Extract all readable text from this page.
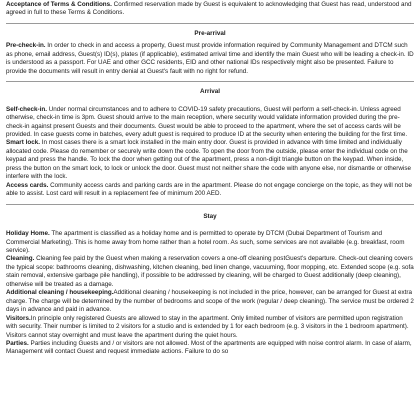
Acceptance of Terms & Conditions. Confirmed reservation made by Guest is equivalent to acknowledging that Guest has read, understood and agreed in full to these Terms & Conditions.

Pre-arrival

Pre-check-in. In order to check in and access a property, Guest must provide information required by Community Management and DTCM such as phone, email address, Guest(s) ID(s), plates (if applicable), estimated arrival time and identify the main Guest who will be leading a check-in. ID is understood as a passport. For UAE and other GCC residents, EID and other national IDs respectively might also be presented. Failure to provide the documents will result in entry denial at Guest's fault with no right for refund.

Arrival

Self-check-in. Under normal circumstances and to adhere to COVID-19 safety precautions, Guest will perform a self-check-in. Unless agreed otherwise, check-in time is 3pm. Guest should arrive to the main reception, where security would validate information provided during the pre-check-in against present Guests and their documents. Guest would be able to proceed to the apartment, where the set of access cards will be provided. In case guests come in batches, every adult guest is required to produce ID at the security when entering the building for the first time.

Smart lock. In most cases there is a smart lock installed in the main entry door. Guest is provided in advance with time limited and individually allocated code. Please do remember or securely write down the code. To open the door from the outside, please enter the individual code on the keypad and press the handle. To lock the door when getting out of the apartment, press a non-digit triangle button on the keypad. When inside, press the button on the smart lock, to lock or unlock the door. Guest must not neither share the code with anyone else, nor dismantle or otherwise interfere with the lock.

Access cards. Community access cards and parking cards are in the apartment. Please do not engage concierge on the topic, as they will not be able to assist. Lost card will result in a replacement fee of minimum 200 AED.

Stay

Holiday Home. The apartment is classified as a holiday home and is permitted to operate by DTCM (Dubai Department of Tourism and Commercial Marketing). This is home away from home rather than a hotel room. As such, some services are not available (e.g. breakfast, room service).

Cleaning. Cleaning fee paid by the Guest when making a reservation covers a one-off cleaning postGuest's departure. Check-out cleaning covers the typical scope: bathrooms cleaning, dishwashing, kitchen cleaning, bed linen change, vacuuming, floor mopping, etc. Extended scope (e.g. sofa stain removal, extensive garbage pile handling), if possible to be addressed by cleaning, will be charged to Guest additionally (deep cleaning), otherwise will be treated as a damage.

Additional cleaning / housekeeping.Additional cleaning / housekeeping is not included in the price, however, can be arranged for Guest at extra charge. The charge will be determined by the number of bedrooms and scope of the work (regular / deep cleaning). The service must be ordered 2 days in advance and paid in advance.

Visitors.In principle only registered Guests are allowed to stay in the apartment. Only limited number of visitors are permitted upon registration with security. Their number is limited to 2 visitors for a studio and is extended by 1 for each bedroom (e.g. 3 visitors in the 1 bedroom apartment). Visitors cannot stay overnight and must leave the apartment during the quiet hours.

Parties. Parties including Guests and / or visitors are not allowed. Most of the apartments are equipped with noise control alarm. In case of alarm, Management will contact Guest and request immediate actions. Failure to do so
